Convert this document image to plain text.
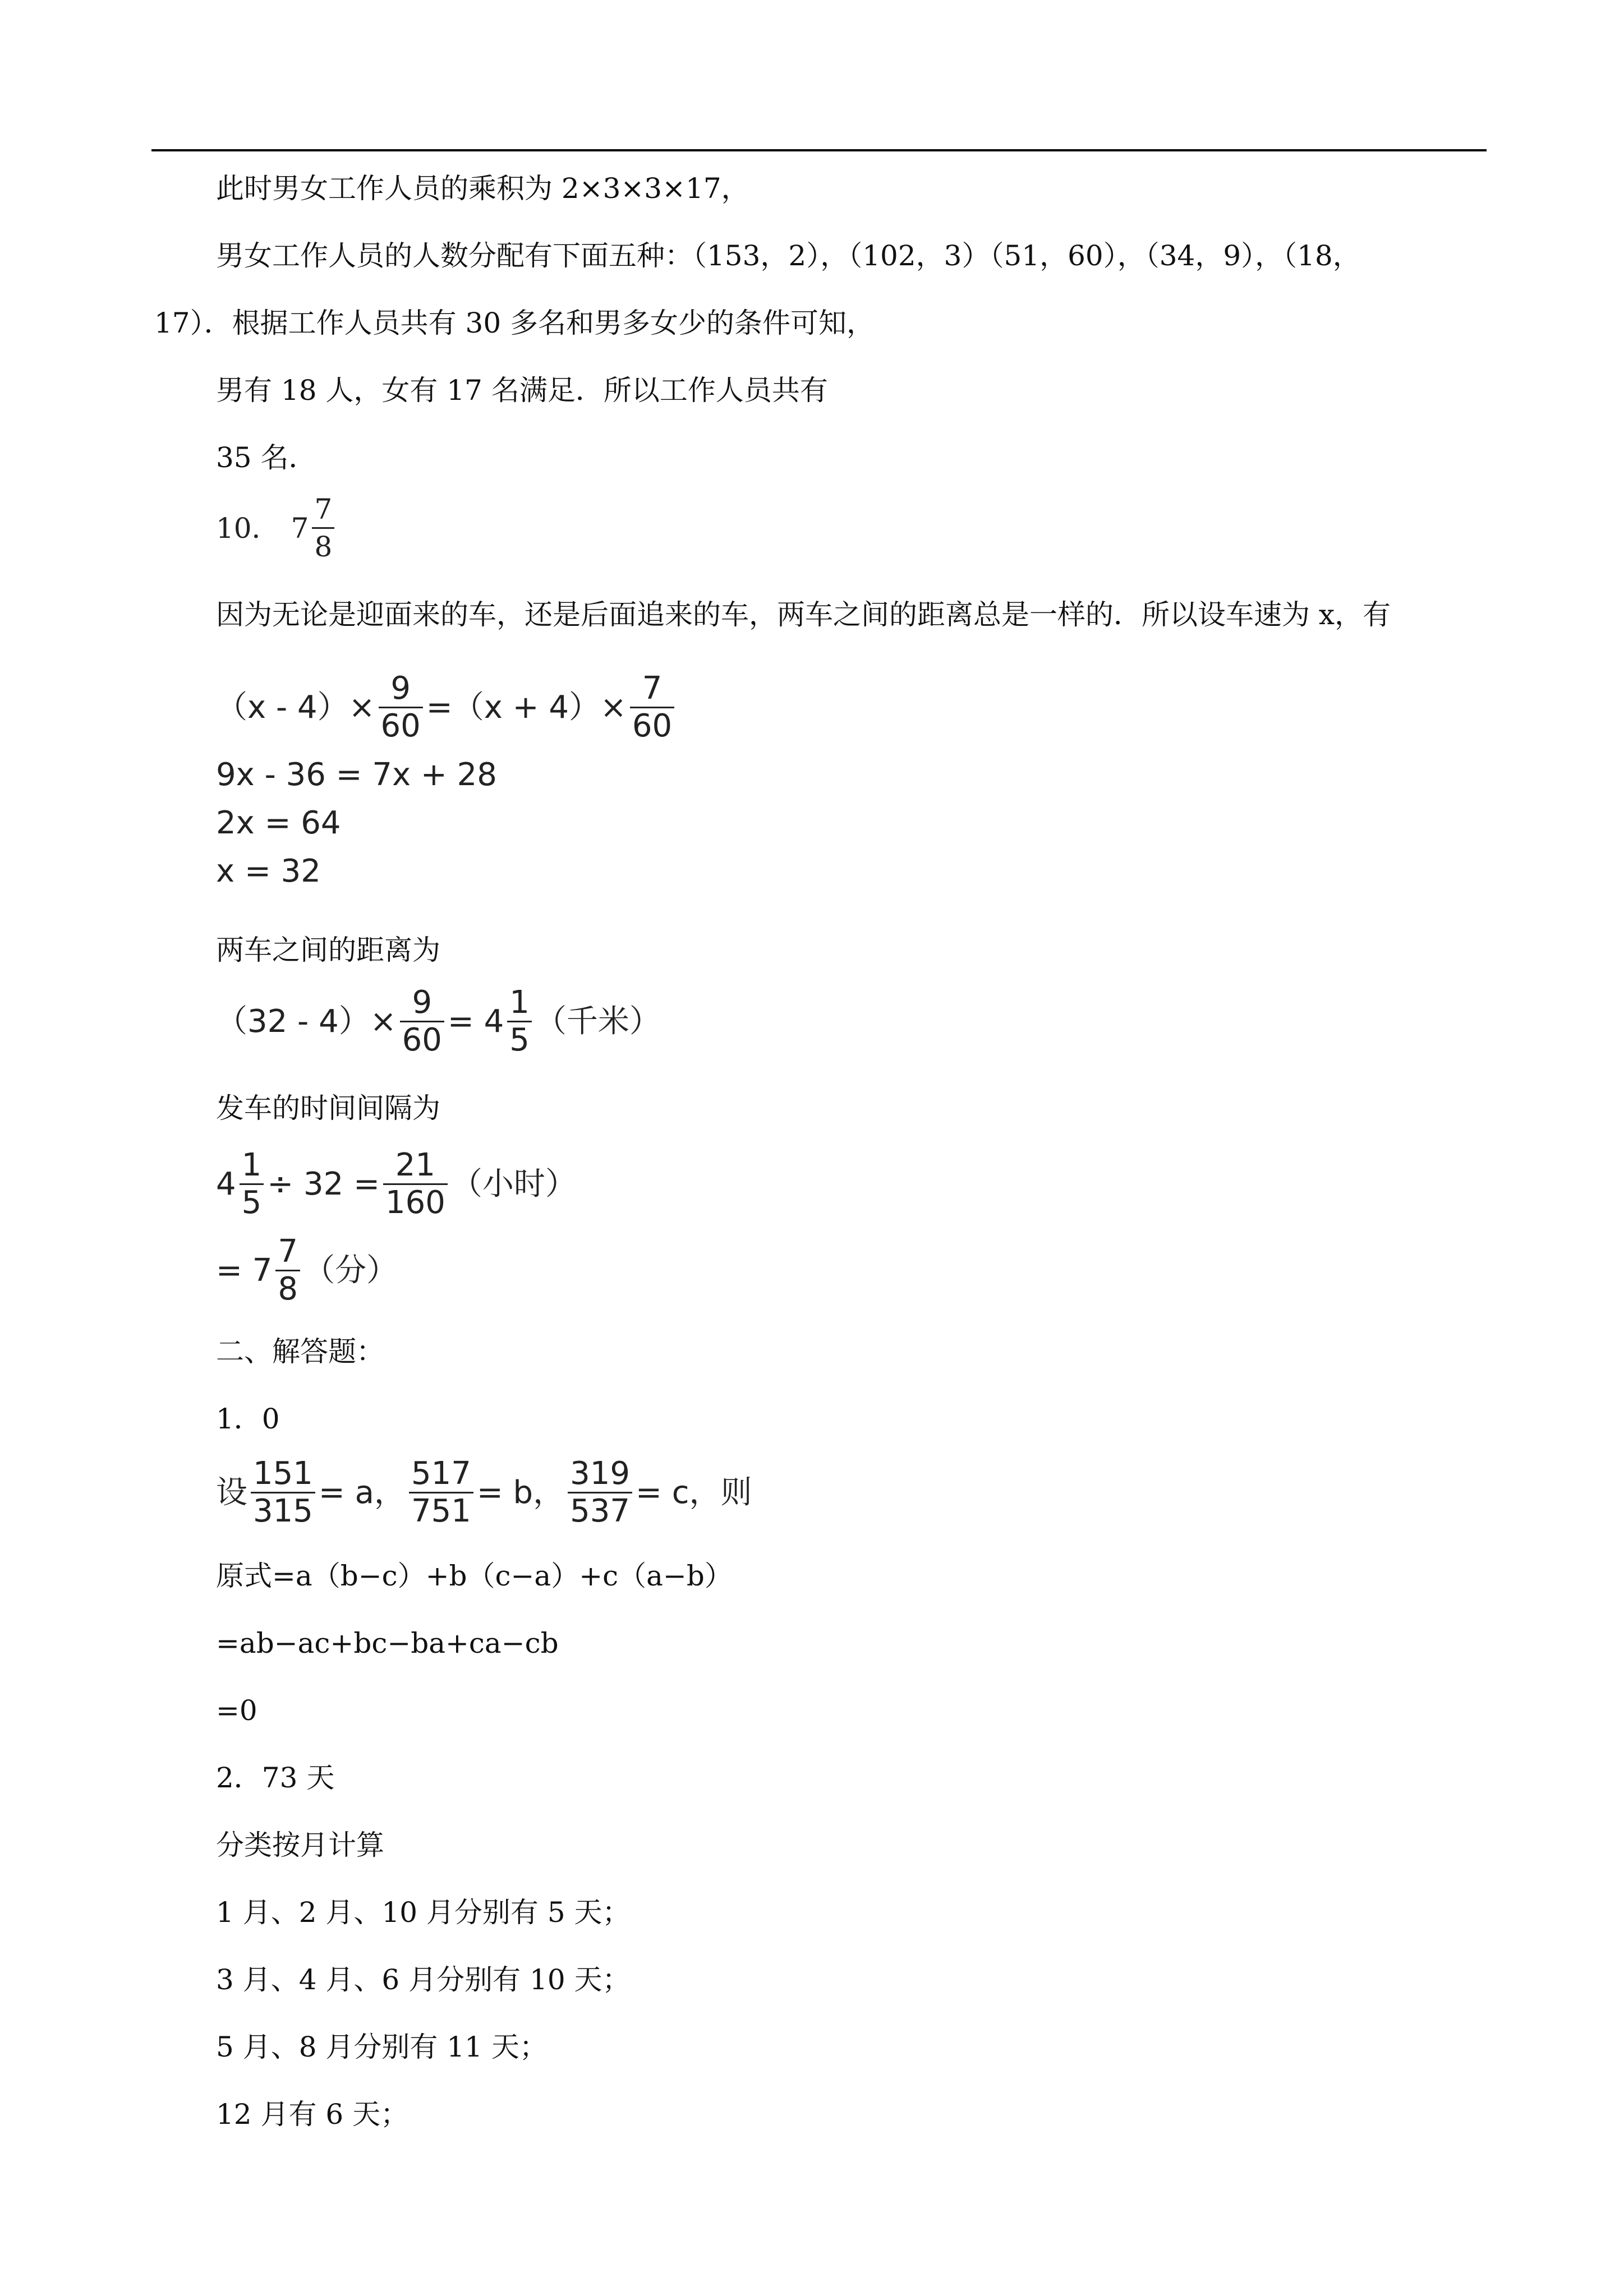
此时男女工作人员的乘积为 2×3×3×17，
男女工作人员的人数分配有下面五种：（153，2），（102，3）（51，60），（34，9），（18，
17）．根据工作人员共有 30 多名和男多女少的条件可知，
男有 18 人，女有 17 名满足．所以工作人员共有
35 名．
10． $7 \frac{7}{8}$
因为无论是迎面来的车，还是后面追来的车，两车之间的距离总是一样的．所以设车速为 x，有
$(x - 4)\times \frac{9}{60} =(x + 4)\times \frac{7}{60}$
9x - 36 = 7x + 28
2x = 64
x = 32
两车之间的距离为
$(32 - 4)\times \frac{9}{60} = 4 \frac{1}{5}$ （千米）
发车的时间间隔为
$4 \frac{1}{5} \div 32 = \frac{21}{160}$ （小时）
= $7 \frac{7}{8}$ （分）
二、解答题：
1．0
设 $\frac{151}{315} = a$， $\frac{517}{751} = b$， $\frac{319}{537} = c$，则
原式=a（b−c）+b（c−a）+c（a−b）
=ab−ac+bc−ba+ca−cb
=0
2．73 天
分类按月计算
1 月、2 月、10 月分别有 5 天；
3 月、4 月、6 月分别有 10 天；
5 月、8 月分别有 11 天；
12 月有 6 天；
